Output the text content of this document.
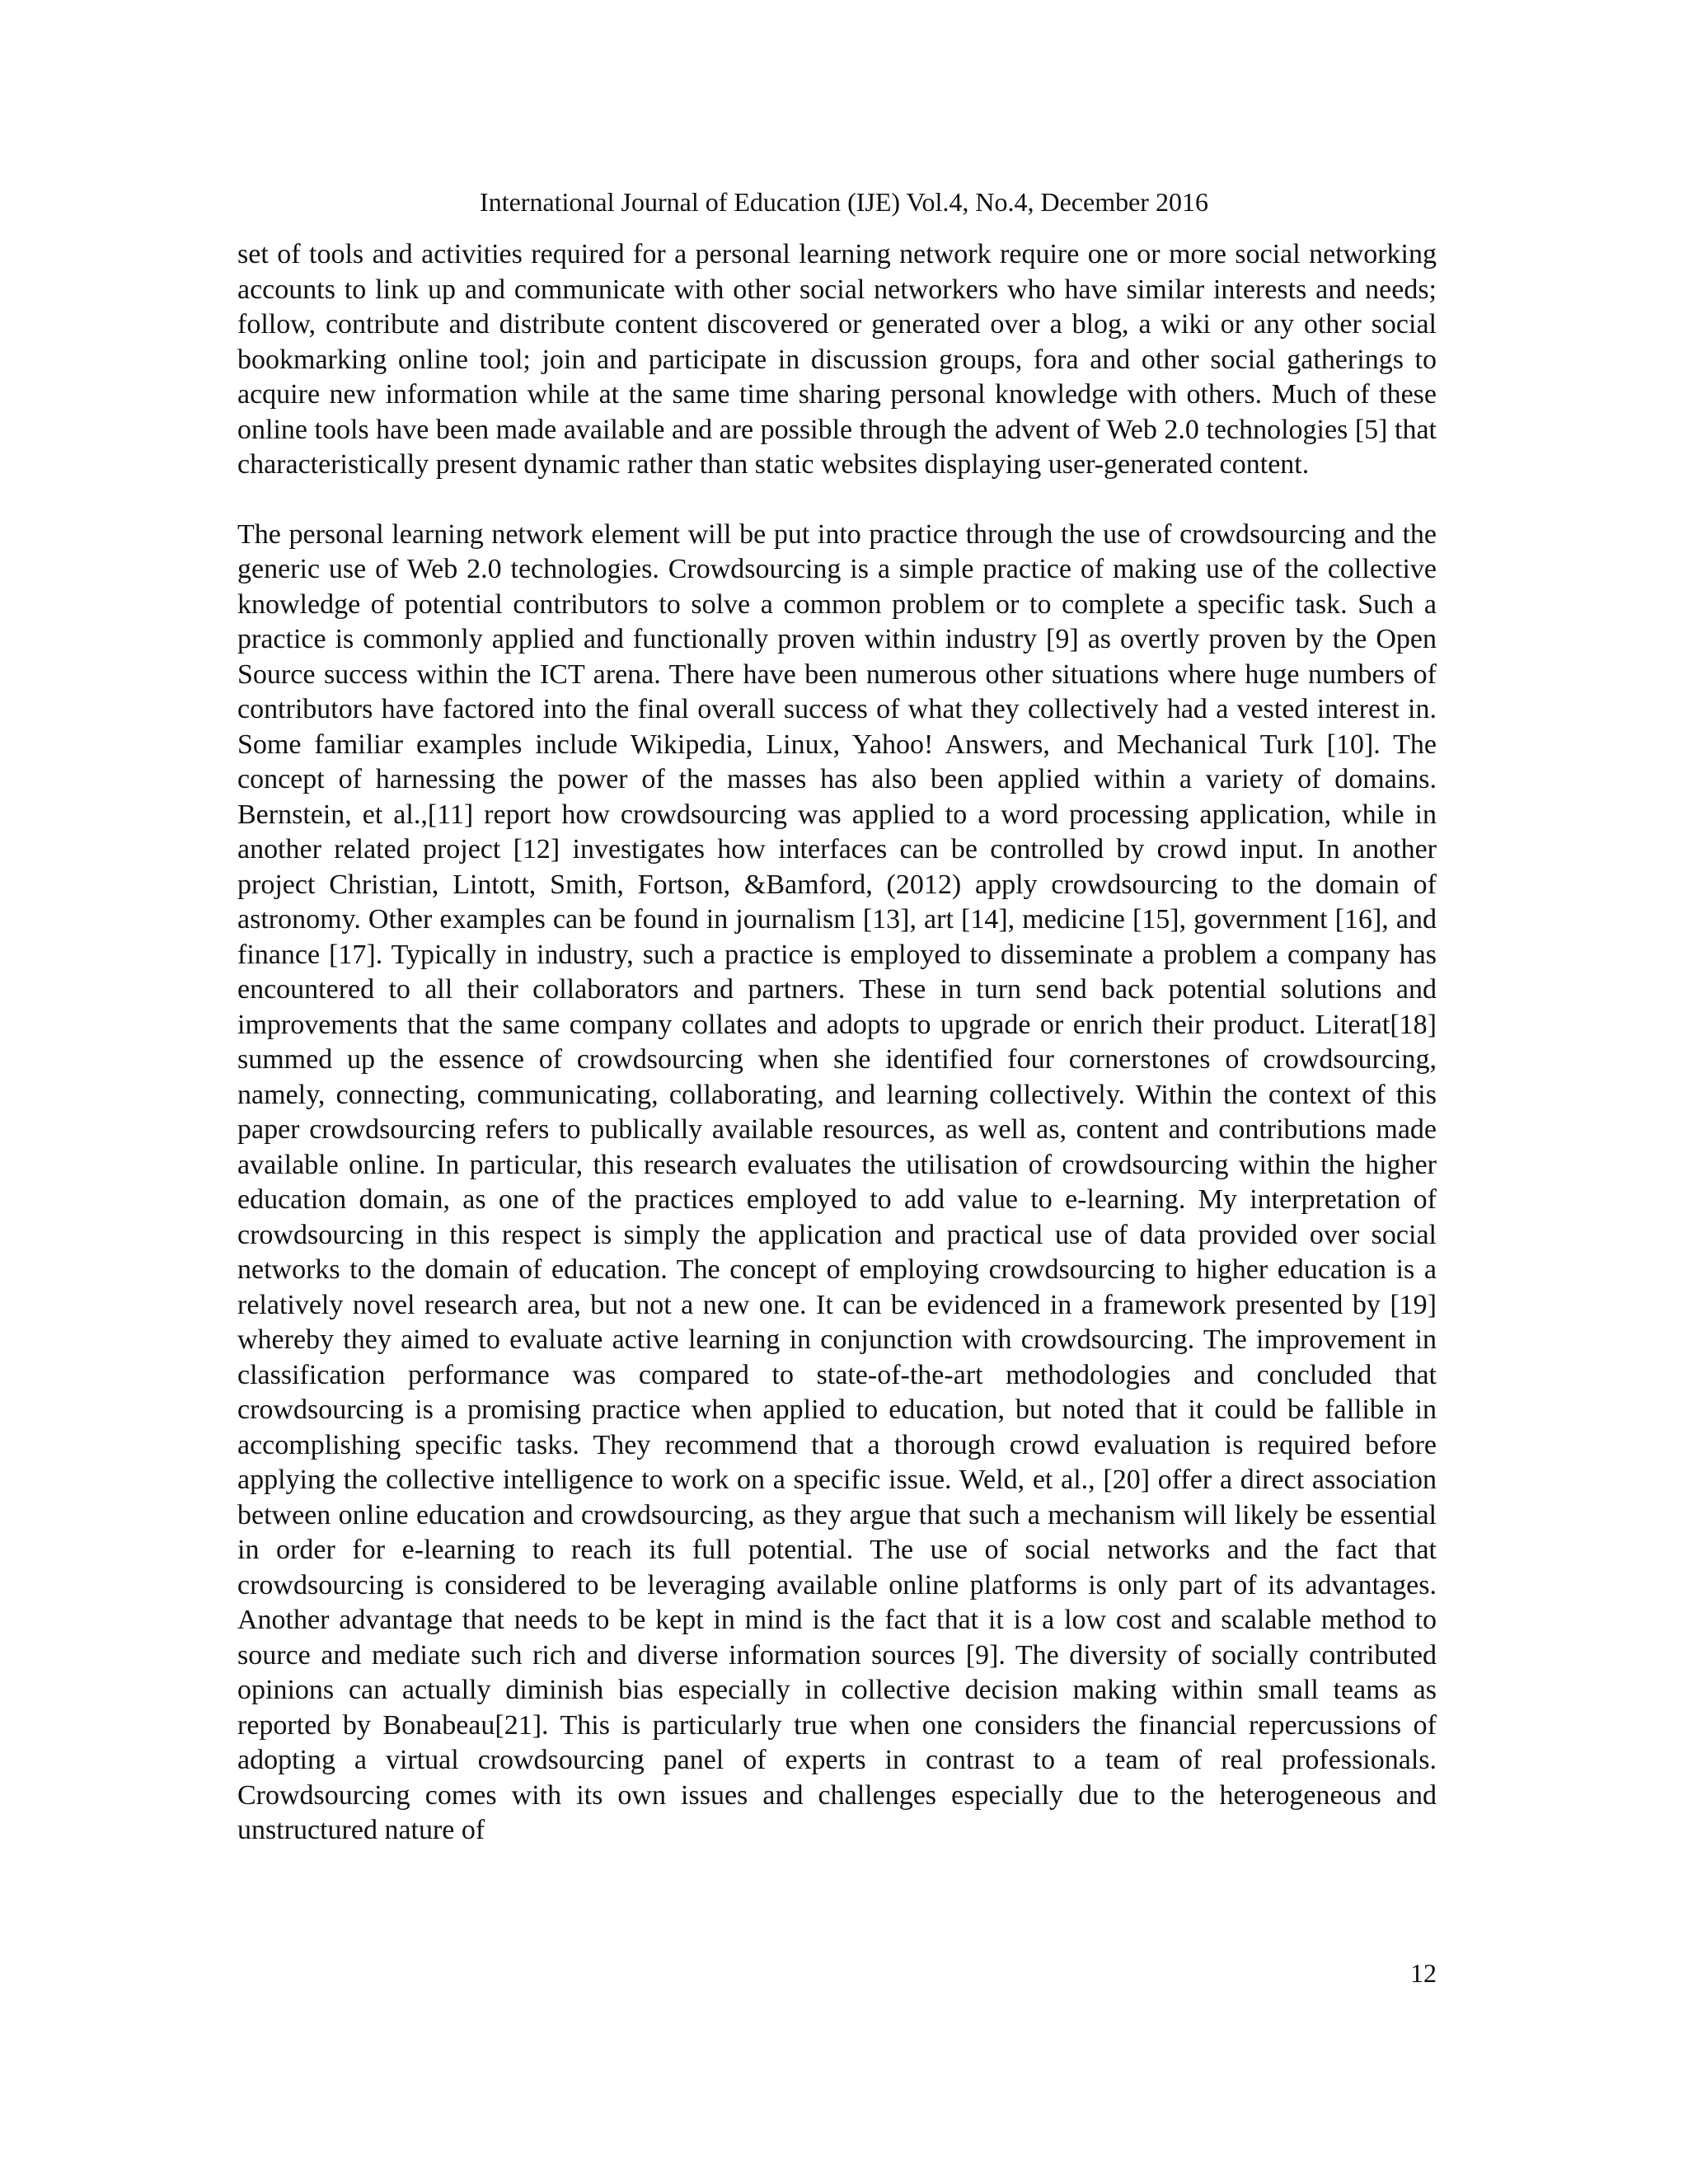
International Journal of Education (IJE) Vol.4, No.4, December 2016

set of tools and activities required for a personal learning network require one or more social networking accounts to link up and communicate with other social networkers who have similar interests and needs; follow, contribute and distribute content discovered or generated over a blog, a wiki or any other social bookmarking online tool; join and participate in discussion groups, fora and other social gatherings to acquire new information while at the same time sharing personal knowledge with others. Much of these online tools have been made available and are possible through the advent of Web 2.0 technologies [5] that characteristically present dynamic rather than static websites displaying user-generated content.

The personal learning network element will be put into practice through the use of crowdsourcing and the generic use of Web 2.0 technologies. Crowdsourcing is a simple practice of making use of the collective knowledge of potential contributors to solve a common problem or to complete a specific task. Such a practice is commonly applied and functionally proven within industry [9] as overtly proven by the Open Source success within the ICT arena. There have been numerous other situations where huge numbers of contributors have factored into the final overall success of what they collectively had a vested interest in. Some familiar examples include Wikipedia, Linux, Yahoo! Answers, and Mechanical Turk [10]. The concept of harnessing the power of the masses has also been applied within a variety of domains. Bernstein, et al.,[11] report how crowdsourcing was applied to a word processing application, while in another related project [12] investigates how interfaces can be controlled by crowd input. In another project Christian, Lintott, Smith, Fortson, &Bamford, (2012) apply crowdsourcing to the domain of astronomy. Other examples can be found in journalism [13], art [14], medicine [15], government [16], and finance [17]. Typically in industry, such a practice is employed to disseminate a problem a company has encountered to all their collaborators and partners. These in turn send back potential solutions and improvements that the same company collates and adopts to upgrade or enrich their product. Literat[18] summed up the essence of crowdsourcing when she identified four cornerstones of crowdsourcing, namely, connecting, communicating, collaborating, and learning collectively. Within the context of this paper crowdsourcing refers to publically available resources, as well as, content and contributions made available online. In particular, this research evaluates the utilisation of crowdsourcing within the higher education domain, as one of the practices employed to add value to e-learning. My interpretation of crowdsourcing in this respect is simply the application and practical use of data provided over social networks to the domain of education. The concept of employing crowdsourcing to higher education is a relatively novel research area, but not a new one. It can be evidenced in a framework presented by [19] whereby they aimed to evaluate active learning in conjunction with crowdsourcing. The improvement in classification performance was compared to state-of-the-art methodologies and concluded that crowdsourcing is a promising practice when applied to education, but noted that it could be fallible in accomplishing specific tasks. They recommend that a thorough crowd evaluation is required before applying the collective intelligence to work on a specific issue. Weld, et al., [20] offer a direct association between online education and crowdsourcing, as they argue that such a mechanism will likely be essential in order for e-learning to reach its full potential. The use of social networks and the fact that crowdsourcing is considered to be leveraging available online platforms is only part of its advantages. Another advantage that needs to be kept in mind is the fact that it is a low cost and scalable method to source and mediate such rich and diverse information sources [9]. The diversity of socially contributed opinions can actually diminish bias especially in collective decision making within small teams as reported by Bonabeau[21]. This is particularly true when one considers the financial repercussions of adopting a virtual crowdsourcing panel of experts in contrast to a team of real professionals. Crowdsourcing comes with its own issues and challenges especially due to the heterogeneous and unstructured nature of

12
